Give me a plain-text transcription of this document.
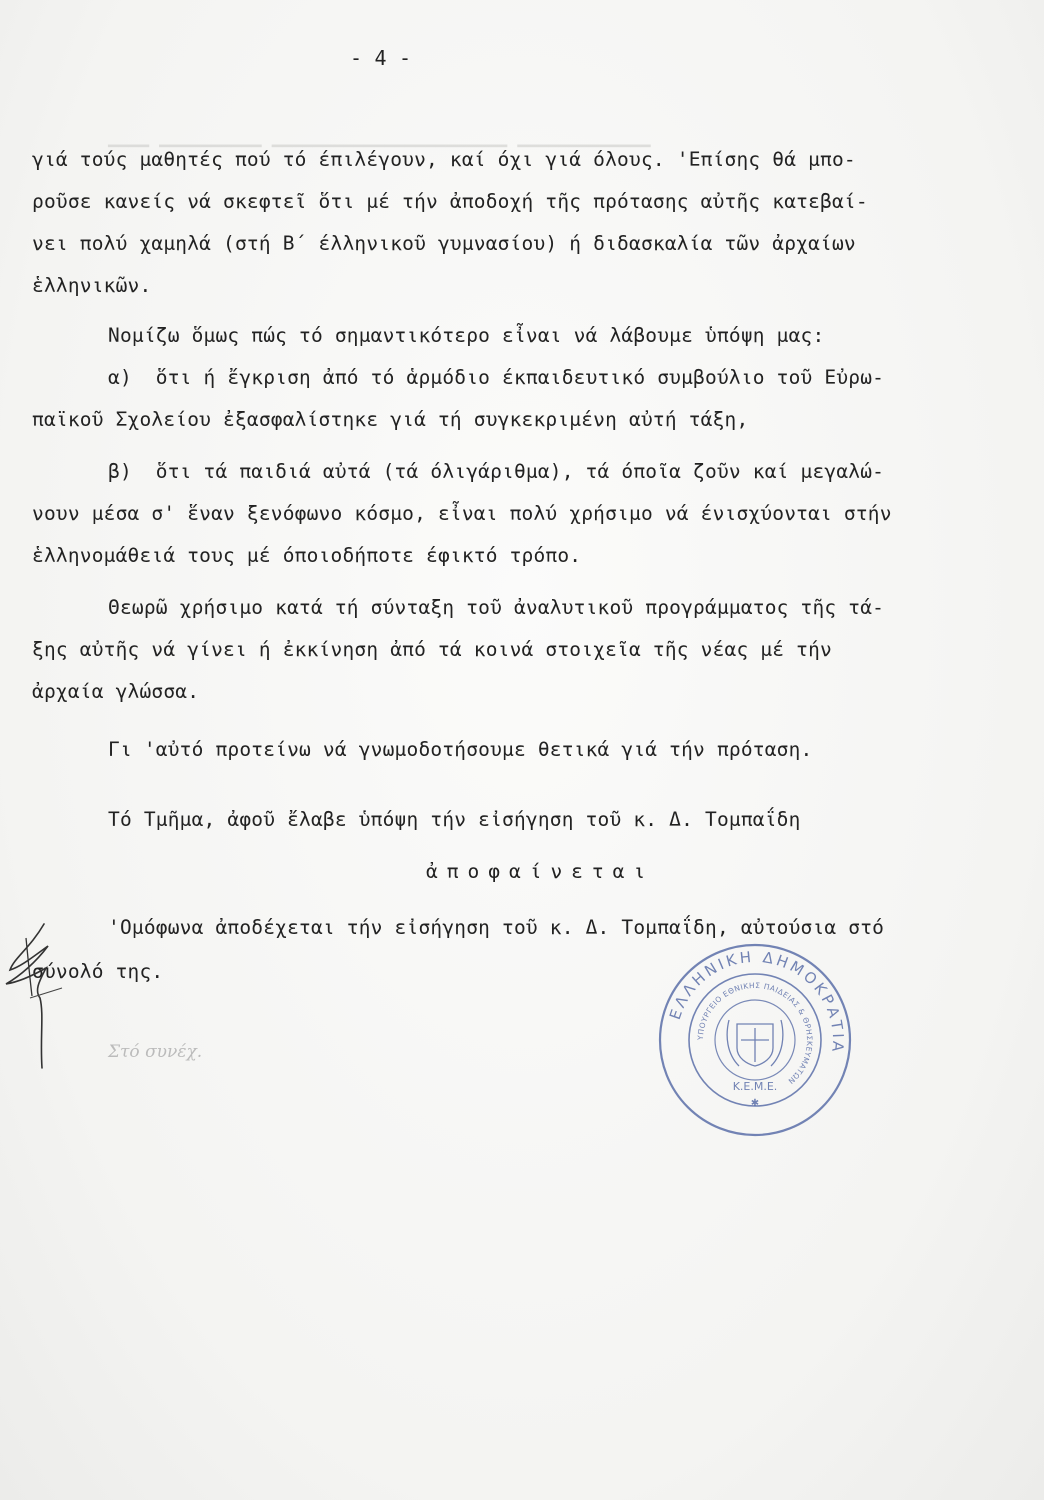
▁▁▁▁ ▁▁▁▁▁▁▁▁▁▁ ▁▁▁▁▁▁▁▁▁▁▁▁▁▁▁▁▁▁▁▁▁▁▁ ▁▁▁▁▁▁▁▁▁▁▁▁▁
- 4 -
γιά τούς μαθητές πού τό έπιλέγουν, καί όχι γιά όλους. 'Επίσης θά μπο-
ροῦσε κανείς νά σκεφτεῖ ὅτι μέ τήν ἀποδοχή τῆς πρότασης αὐτῆς κατεβαί-
νει πολύ χαμηλά (στή Β΄ έλληνικοῦ γυμνασίου) ή διδασκαλία τῶν ἀρχαίων
ἑλληνικῶν.
Νομίζω ὅμως πώς τό σημαντικότερο εἶναι νά λάβουμε ὑπόψη μας:
α)  ὅτι ή ἔγκριση ἀπό τό ἁρμόδιο έκπαιδευτικό συμβούλιο τοῦ Εὐρω-
παϊκοῦ Σχολείου ἐξασφαλίστηκε γιά τή συγκεκριμένη αὐτή τάξη,
β)  ὅτι τά παιδιά αὐτά (τά όλιγάριθμα), τά όποῖα ζοῦν καί μεγαλώ-
νουν μέσα σ' ἕναν ξενόφωνο κόσμο, εἶναι πολύ χρήσιμο νά ένισχύονται στήν
ἑλληνομάθειά τους μέ όποιοδήποτε έφικτό τρόπο.
Θεωρῶ χρήσιμο κατά τή σύνταξη τοῦ ἀναλυτικοῦ προγράμματος τῆς τά-
ξης αὐτῆς νά γίνει ή ἐκκίνηση ἀπό τά κοινά στοιχεῖα τῆς νέας μέ τήν
ἀρχαία γλώσσα.
Γι 'αὐτό προτείνω νά γνωμοδοτήσουμε θετικά γιά τήν πρόταση.
Τό Τμῆμα, ἀφοῦ ἔλαβε ὑπόψη τήν εἰσήγηση τοῦ κ. Δ. Τομπαΐδη
ἀποφαίνεται
'Ομόφωνα ἀποδέχεται τήν εἰσήγηση τοῦ κ. Δ. Τομπαΐδη, αὐτούσια στό
σύνολό της.
Στό συνέχ.
ΕΛΛΗΝΙΚΗ ΔΗΜΟΚΡΑΤΙΑ
ΥΠΟΥΡΓΕΙΟ ΕΘΝΙΚΗΣ ΠΑΙΔΕΙΑΣ & ΘΡΗΣΚΕΥΜΑΤΩΝ
Κ.Ε.Μ.Ε.
✱
